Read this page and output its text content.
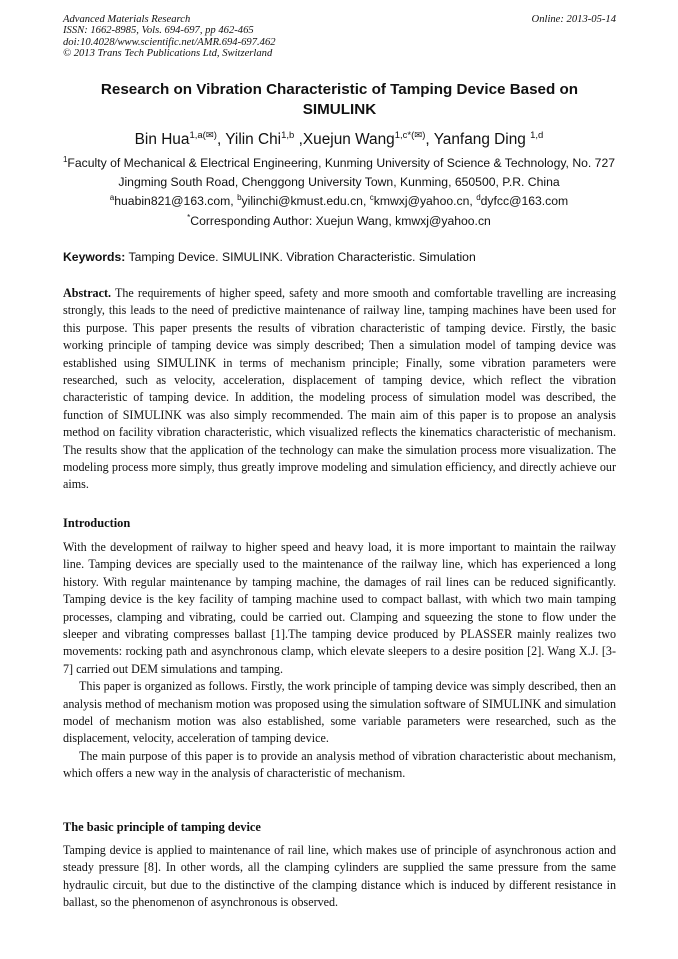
Advanced Materials Research
ISSN: 1662-8985, Vols. 694-697, pp 462-465
doi:10.4028/www.scientific.net/AMR.694-697.462
© 2013 Trans Tech Publications Ltd, Switzerland
Online: 2013-05-14
Research on Vibration Characteristic of Tamping Device Based on SIMULINK
Bin Hua$^{1,a(✉)}$, Yilin Chi$^{1,b}$ ,Xuejun Wang$^{1,c*(✉)}$, Yanfang Ding $^{1,d}$
$^1$Faculty of Mechanical & Electrical Engineering, Kunming University of Science & Technology, No. 727 Jingming South Road, Chenggong University Town, Kunming, 650500, P.R. China
$^a$huabin821@163.com, $^b$yilinchi@kmust.edu.cn, $^c$kmwxj@yahoo.cn, $^d$dyfcc@163.com
*Corresponding Author: Xuejun Wang, kmwxj@yahoo.cn
Keywords: Tamping Device. SIMULINK. Vibration Characteristic. Simulation

Abstract. The requirements of higher speed, safety and more smooth and comfortable travelling are increasing strongly, this leads to the need of predictive maintenance of railway line, tamping machines have been used for this purpose. This paper presents the results of vibration characteristic of tamping device. Firstly, the basic working principle of tamping device was simply described; Then a simulation model of tamping device was established using SIMULINK in terms of mechanism principle; Finally, some vibration parameters were researched, such as velocity, acceleration, displacement of tamping device, which reflect the vibration characteristic of tamping device. In addition, the modeling process of simulation model was described, the function of SIMULINK was also simply recommended. The main aim of this paper is to propose an analysis method on facility vibration characteristic, which visualized reflects the kinematics characteristic of mechanism. The results show that the application of the technology can make the simulation process more visualization. The modeling process more simply, thus greatly improve modeling and simulation efficiency, and directly achieve our aims.

Introduction

With the development of railway to higher speed and heavy load, it is more important to maintain the railway line. Tamping devices are specially used to the maintenance of the railway line, which has experienced a long history. With regular maintenance by tamping machine, the damages of rail lines can be reduced significantly. Tamping device is the key facility of tamping machine used to compact ballast, with which two main tamping processes, clamping and vibrating, could be carried out. Clamping and squeezing the stone to flow under the sleeper and vibrating compresses ballast [1].The tamping device produced by PLASSER mainly realizes two movements: rocking path and asynchronous clamp, which elevate sleepers to a desire position [2]. Wang X.J. [3-7] carried out DEM simulations and tamping.

This paper is organized as follows. Firstly, the work principle of tamping device was simply described, then an analysis method of mechanism motion was proposed using the simulation software of SIMULINK and simulation model of mechanism motion was also established, some variable parameters were researched, such as the displacement, velocity, acceleration of tamping device.

The main purpose of this paper is to provide an analysis method of vibration characteristic about mechanism, which offers a new way in the analysis of characteristic of mechanism.

The basic principle of tamping device

Tamping device is applied to maintenance of rail line, which makes use of principle of asynchronous action and steady pressure [8]. In other words, all the clamping cylinders are supplied the same pressure from the same hydraulic circuit, but due to the distinctive of the clamping distance which is induced by different resistance in ballast, so the phenomenon of asynchronous is observed.
